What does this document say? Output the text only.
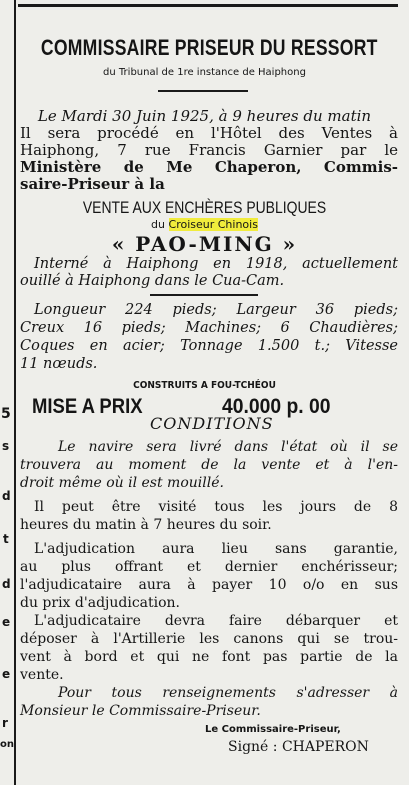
5
s
d
t
d
e
e
r
on
COMMISSAIRE PRISEUR DU RESSORT
du Tribunal de 1re instance de Haiphong
Le Mardi 30 Juin 1925, à 9 heures du matin
Il sera procédé en l'Hôtel des Ventes à
Haiphong, 7 rue Francis Garnier par le
Ministère de Me Chaperon, Commis-
saire-Priseur à la
VENTE AUX ENCHÈRES PUBLIQUES
du Croiseur Chinois
« PAO-MING »
Interné à Haiphong en 1918, actuellement
ouillé à Haiphong dans le Cua-Cam.
Longueur 224 pieds; Largeur 36 pieds;
Creux 16 pieds; Machines; 6 Chaudières;
Coques en acier; Tonnage 1.500 t.; Vitesse
11 nœuds.
CONSTRUITS A FOU-TCHÉOU
MISE A PRIX	40.000 p. 00
CONDITIONS
Le navire sera livré dans l'état où il se
trouvera au moment de la vente et à l'en-
droit même où il est mouillé.
Il peut être visité tous les jours de 8
heures du matin à 7 heures du soir.
L'adjudication aura lieu sans garantie,
au plus offrant et dernier enchérisseur;
l'adjudicataire aura à payer 10 o/o en sus
du prix d'adjudication.
L'adjudicataire devra faire débarquer et
déposer à l'Artillerie les canons qui se trou-
vent à bord et qui ne font pas partie de la
vente.
Pour tous renseignements s'adresser à
Monsieur le Commissaire-Priseur.
Le Commissaire-Priseur,
Signé : CHAPERON
